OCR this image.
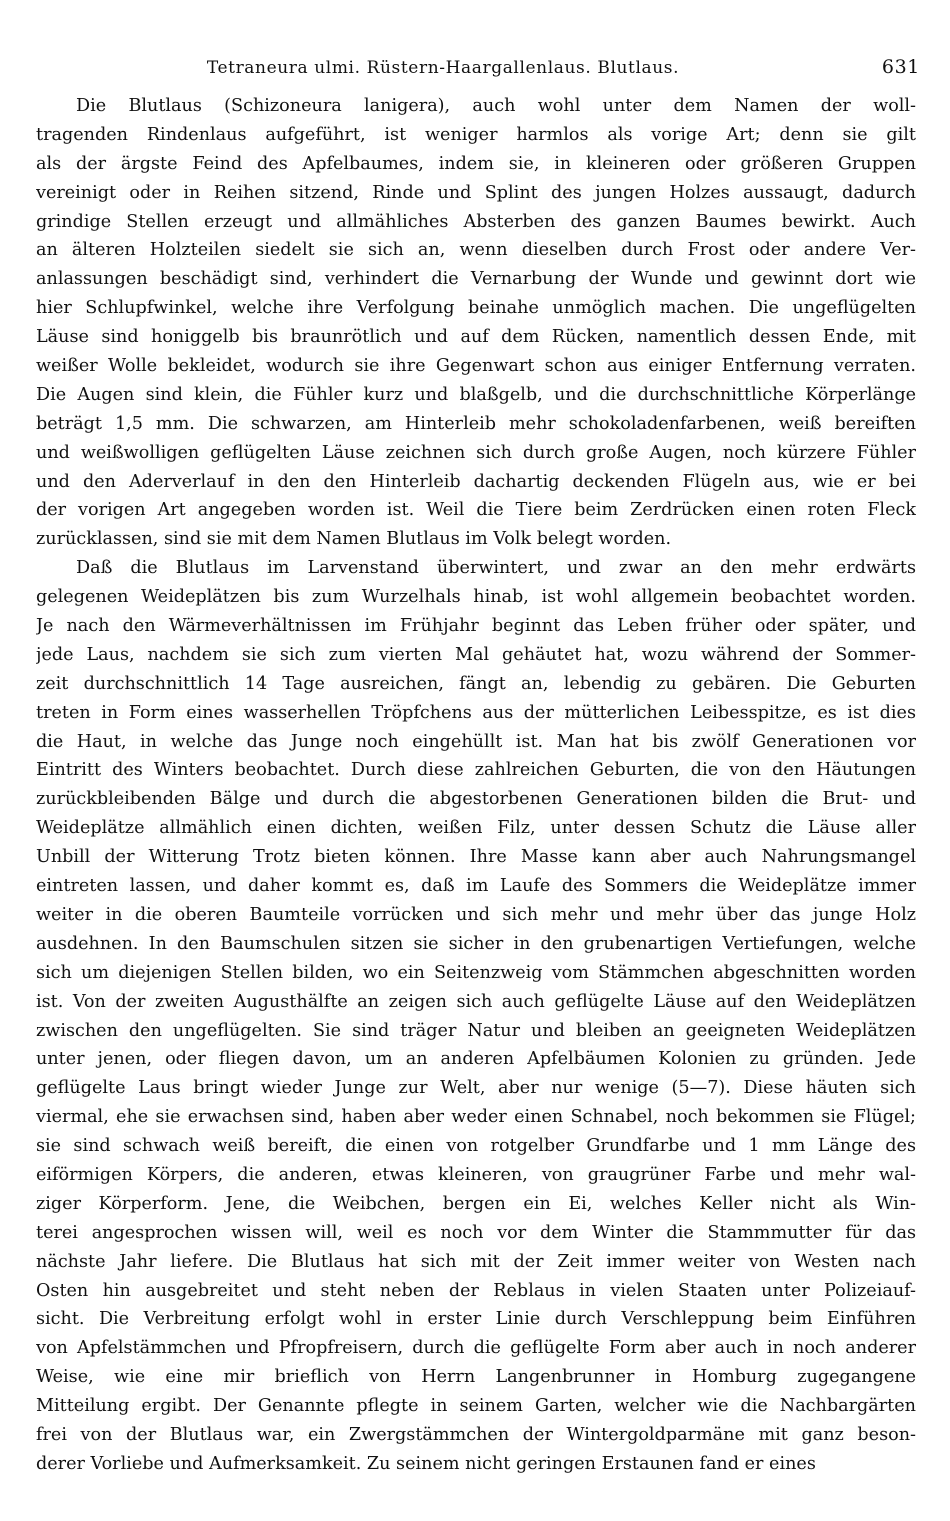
Tetraneura ulmi. Rüstern-Haargallenlaus. Blutlaus.	631
Die Blutlaus (Schizoneura lanigera), auch wohl unter dem Namen der woll-
tragenden Rindenlaus aufgeführt, ist weniger harmlos als vorige Art; denn sie gilt
als der ärgste Feind des Apfelbaumes, indem sie, in kleineren oder größeren Gruppen
vereinigt oder in Reihen sitzend, Rinde und Splint des jungen Holzes aussaugt, dadurch
grindige Stellen erzeugt und allmähliches Absterben des ganzen Baumes bewirkt. Auch
an älteren Holzteilen siedelt sie sich an, wenn dieselben durch Frost oder andere Ver-
anlassungen beschädigt sind, verhindert die Vernarbung der Wunde und gewinnt dort wie
hier Schlupfwinkel, welche ihre Verfolgung beinahe unmöglich machen. Die ungeflügelten
Läuse sind honiggelb bis braunrötlich und auf dem Rücken, namentlich dessen Ende, mit
weißer Wolle bekleidet, wodurch sie ihre Gegenwart schon aus einiger Entfernung verraten.
Die Augen sind klein, die Fühler kurz und blaßgelb, und die durchschnittliche Körperlänge
beträgt 1,5 mm. Die schwarzen, am Hinterleib mehr schokoladenfarbenen, weiß bereiften
und weißwolligen geflügelten Läuse zeichnen sich durch große Augen, noch kürzere Fühler
und den Aderverlauf in den den Hinterleib dachartig deckenden Flügeln aus, wie er bei
der vorigen Art angegeben worden ist. Weil die Tiere beim Zerdrücken einen roten Fleck
zurücklassen, sind sie mit dem Namen Blutlaus im Volk belegt worden.
Daß die Blutlaus im Larvenstand überwintert, und zwar an den mehr erdwärts
gelegenen Weideplätzen bis zum Wurzelhals hinab, ist wohl allgemein beobachtet worden.
Je nach den Wärmeverhältnissen im Frühjahr beginnt das Leben früher oder später, und
jede Laus, nachdem sie sich zum vierten Mal gehäutet hat, wozu während der Sommer-
zeit durchschnittlich 14 Tage ausreichen, fängt an, lebendig zu gebären. Die Geburten
treten in Form eines wasserhellen Tröpfchens aus der mütterlichen Leibesspitze, es ist dies
die Haut, in welche das Junge noch eingehüllt ist. Man hat bis zwölf Generationen vor
Eintritt des Winters beobachtet. Durch diese zahlreichen Geburten, die von den Häutungen
zurückbleibenden Bälge und durch die abgestorbenen Generationen bilden die Brut- und
Weideplätze allmählich einen dichten, weißen Filz, unter dessen Schutz die Läuse aller
Unbill der Witterung Trotz bieten können. Ihre Masse kann aber auch Nahrungsmangel
eintreten lassen, und daher kommt es, daß im Laufe des Sommers die Weideplätze immer
weiter in die oberen Baumteile vorrücken und sich mehr und mehr über das junge Holz
ausdehnen. In den Baumschulen sitzen sie sicher in den grubenartigen Vertiefungen, welche
sich um diejenigen Stellen bilden, wo ein Seitenzweig vom Stämmchen abgeschnitten worden
ist. Von der zweiten Augusthälfte an zeigen sich auch geflügelte Läuse auf den Weideplätzen
zwischen den ungeflügelten. Sie sind träger Natur und bleiben an geeigneten Weideplätzen
unter jenen, oder fliegen davon, um an anderen Apfelbäumen Kolonien zu gründen. Jede
geflügelte Laus bringt wieder Junge zur Welt, aber nur wenige (5—7). Diese häuten sich
viermal, ehe sie erwachsen sind, haben aber weder einen Schnabel, noch bekommen sie Flügel;
sie sind schwach weiß bereift, die einen von rotgelber Grundfarbe und 1 mm Länge des
eiförmigen Körpers, die anderen, etwas kleineren, von graugrüner Farbe und mehr wal-
ziger Körperform. Jene, die Weibchen, bergen ein Ei, welches Keller nicht als Win-
terei angesprochen wissen will, weil es noch vor dem Winter die Stammmutter für das
nächste Jahr liefere. Die Blutlaus hat sich mit der Zeit immer weiter von Westen nach
Osten hin ausgebreitet und steht neben der Reblaus in vielen Staaten unter Polizeiauf-
sicht. Die Verbreitung erfolgt wohl in erster Linie durch Verschleppung beim Einführen
von Apfelstämmchen und Pfropfreisern, durch die geflügelte Form aber auch in noch anderer
Weise, wie eine mir brieflich von Herrn Langenbrunner in Homburg zugegangene
Mitteilung ergibt. Der Genannte pflegte in seinem Garten, welcher wie die Nachbargärten
frei von der Blutlaus war, ein Zwergstämmchen der Wintergoldparmäne mit ganz beson-
derer Vorliebe und Aufmerksamkeit. Zu seinem nicht geringen Erstaunen fand er eines
